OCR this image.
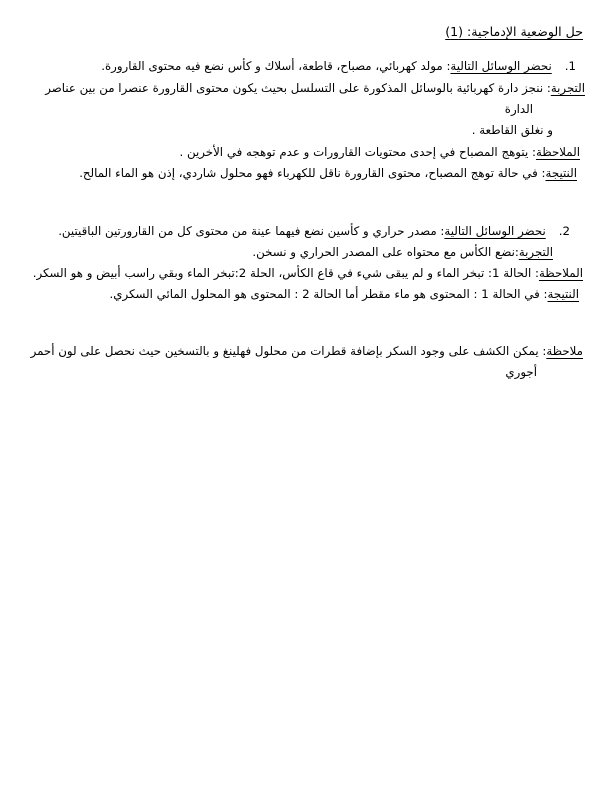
حل الوضعية الإدماجية: (1)
1.نحضر الوسائل التالية: مولد كهربائي، مصباح، قاطعة، أسلاك و كأس نضع فيه محتوى القارورة.
التجربة: ننجز دارة كهربائية بالوسائل المذكورة على التسلسل بحيث يكون محتوى القارورة عنصرا من بين عناصر
الدارة
و نغلق القاطعة .
الملاحظة: يتوهج المصباح في إحدى محتويات القارورات و عدم توهجه في الأخرين .
النتيجة: في حالة توهج المصباح، محتوى القارورة ناقل للكهرباء فهو محلول شاردي، إذن هو الماء المالح.
2.نحضر الوسائل التالية: مصدر حراري و كأسين نضع فيهما عينة من محتوى كل من القارورتين الباقيتين.
التجربة:نضع الكأس مع محتواه على المصدر الحراري و نسخن.
الملاحظة: الحالة 1: تبخر الماء و لم يبقى شيء في قاع الكأس، الحلة 2:تبخر الماء وبقي راسب أبيض و هو السكر.
النتيجة: في الحالة 1 : المحتوى هو ماء مقطر أما الحالة 2 : المحتوى هو المحلول المائي السكري.
ملاحظة: يمكن الكشف على وجود السكر بإضافة قطرات من محلول فهلينغ و بالتسخين حيث نحصل على لون أحمر
أجوري
